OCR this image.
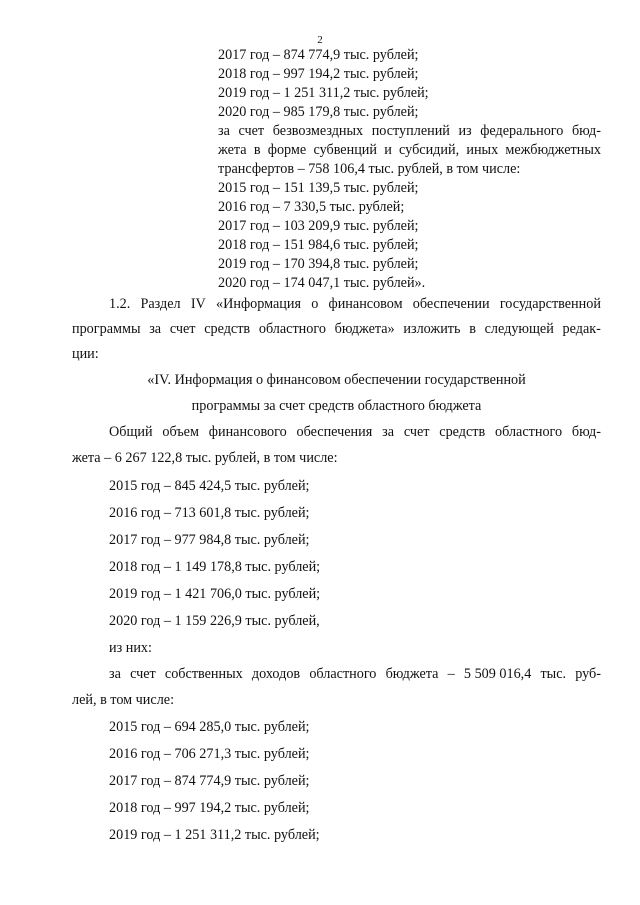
2
2017 год – 874 774,9 тыс. рублей;
2018 год – 997 194,2 тыс. рублей;
2019 год – 1 251 311,2 тыс. рублей;
2020 год – 985 179,8 тыс. рублей;
за счет безвозмездных поступлений из федерального бюд-
жета в форме субвенций и субсидий, иных межбюджетных
трансфертов – 758 106,4 тыс. рублей, в том числе:
2015 год – 151 139,5 тыс. рублей;
2016 год – 7 330,5 тыс. рублей;
2017 год – 103 209,9 тыс. рублей;
2018 год – 151 984,6 тыс. рублей;
2019 год – 170 394,8 тыс. рублей;
2020 год – 174 047,1 тыс. рублей».
1.2. Раздел IV «Информация о финансовом обеспечении государственной
программы за счет средств областного бюджета» изложить в следующей редак-
ции:
«IV. Информация о финансовом обеспечении государственной
программы за счет средств областного бюджета
Общий объем финансового обеспечения за счет средств областного бюд-
жета – 6 267 122,8 тыс. рублей, в том числе:
2015 год – 845 424,5 тыс. рублей;
2016 год – 713 601,8 тыс. рублей;
2017 год – 977 984,8 тыс. рублей;
2018 год – 1 149 178,8 тыс. рублей;
2019 год – 1 421 706,0 тыс. рублей;
2020 год – 1 159 226,9 тыс. рублей,
из них:
за счет собственных доходов областного бюджета – 5 509 016,4 тыс. руб-
лей, в том числе:
2015 год – 694 285,0 тыс. рублей;
2016 год – 706 271,3 тыс. рублей;
2017 год – 874 774,9 тыс. рублей;
2018 год – 997 194,2 тыс. рублей;
2019 год – 1 251 311,2 тыс. рублей;
